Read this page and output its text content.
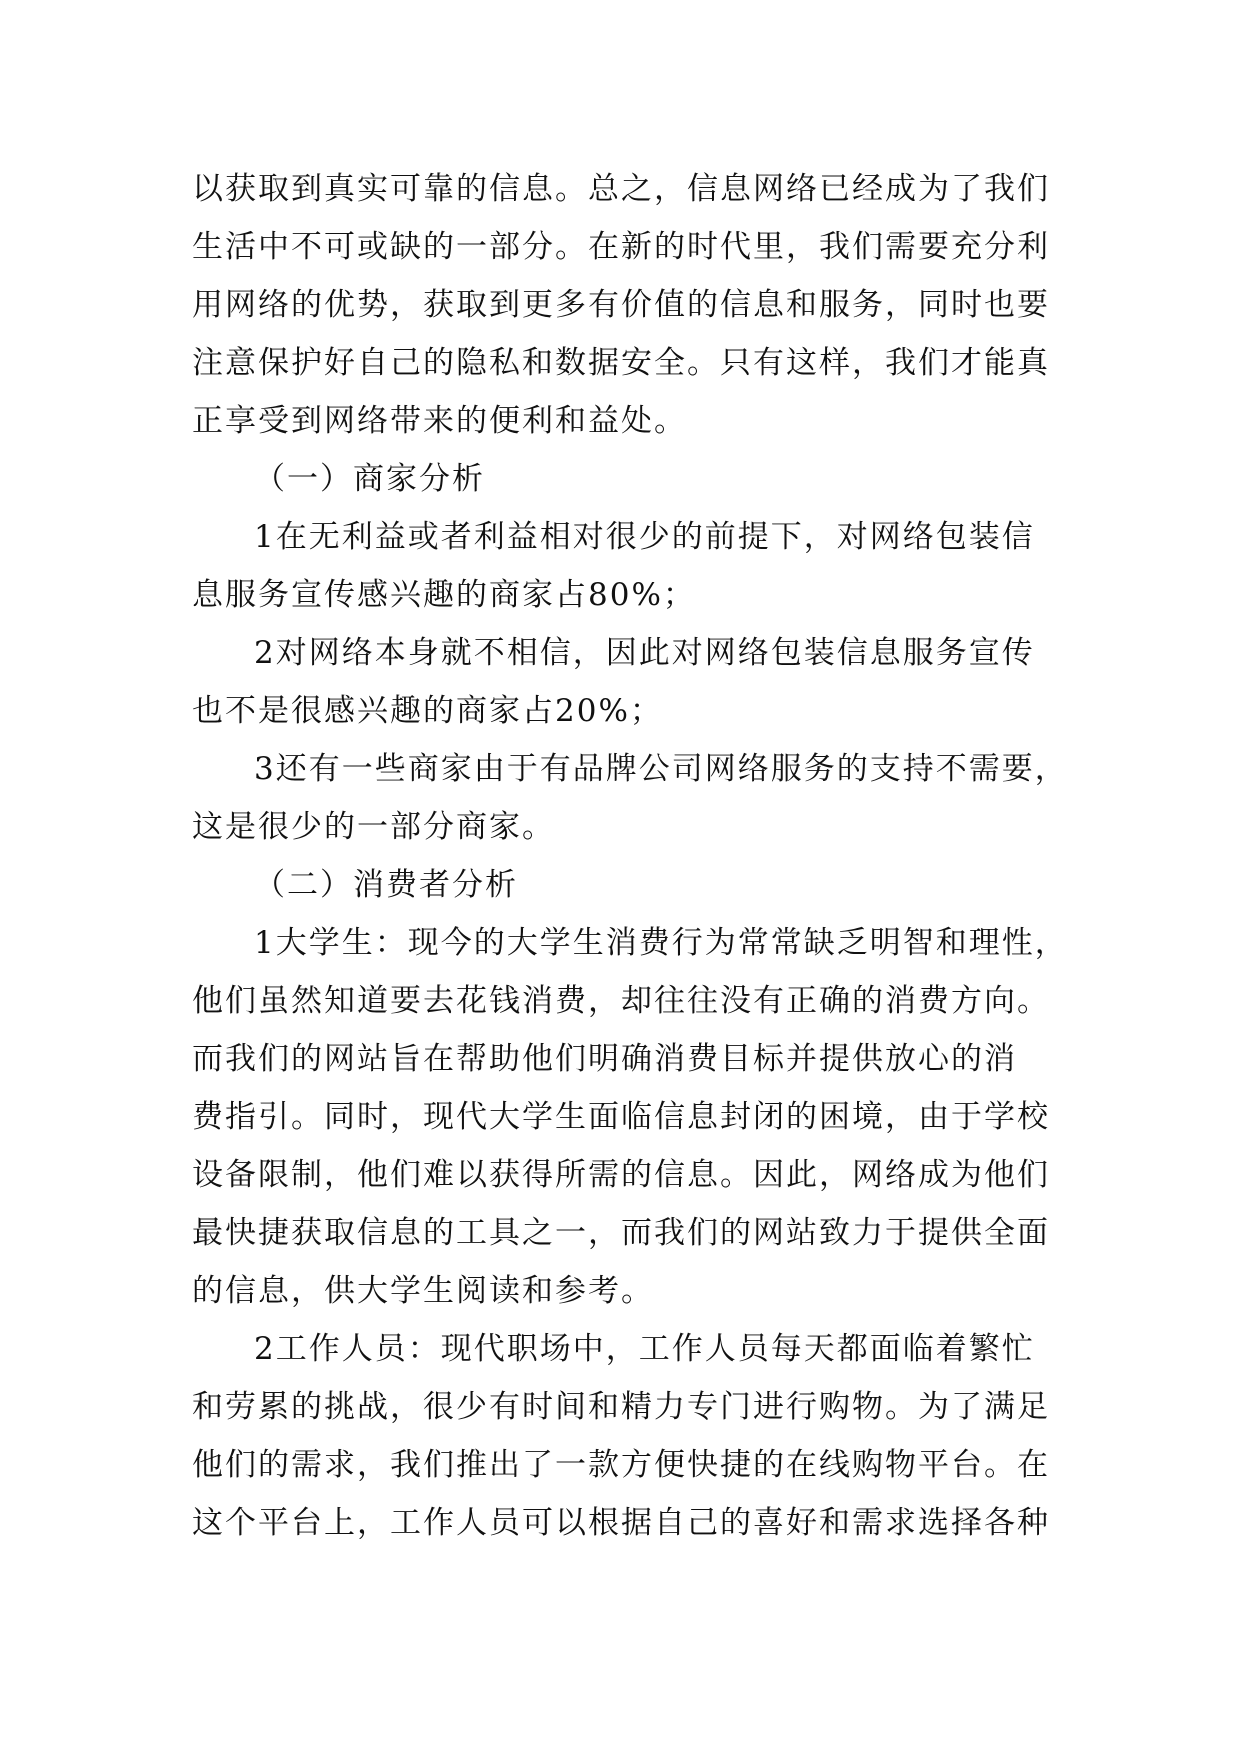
以获取到真实可靠的信息。总之，信息网络已经成为了我们
生活中不可或缺的一部分。在新的时代里，我们需要充分利
用网络的优势，获取到更多有价值的信息和服务，同时也要
注意保护好自己的隐私和数据安全。只有这样，我们才能真
正享受到网络带来的便利和益处。
（一）商家分析
1在无利益或者利益相对很少的前提下，对网络包装信
息服务宣传感兴趣的商家占80%；
2对网络本身就不相信，因此对网络包装信息服务宣传
也不是很感兴趣的商家占20%；
3还有一些商家由于有品牌公司网络服务的支持不需要，
这是很少的一部分商家。
（二）消费者分析
1大学生：现今的大学生消费行为常常缺乏明智和理性，
他们虽然知道要去花钱消费，却往往没有正确的消费方向。
而我们的网站旨在帮助他们明确消费目标并提供放心的消
费指引。同时，现代大学生面临信息封闭的困境，由于学校
设备限制，他们难以获得所需的信息。因此，网络成为他们
最快捷获取信息的工具之一，而我们的网站致力于提供全面
的信息，供大学生阅读和参考。
2工作人员：现代职场中，工作人员每天都面临着繁忙
和劳累的挑战，很少有时间和精力专门进行购物。为了满足
他们的需求，我们推出了一款方便快捷的在线购物平台。在
这个平台上，工作人员可以根据自己的喜好和需求选择各种
